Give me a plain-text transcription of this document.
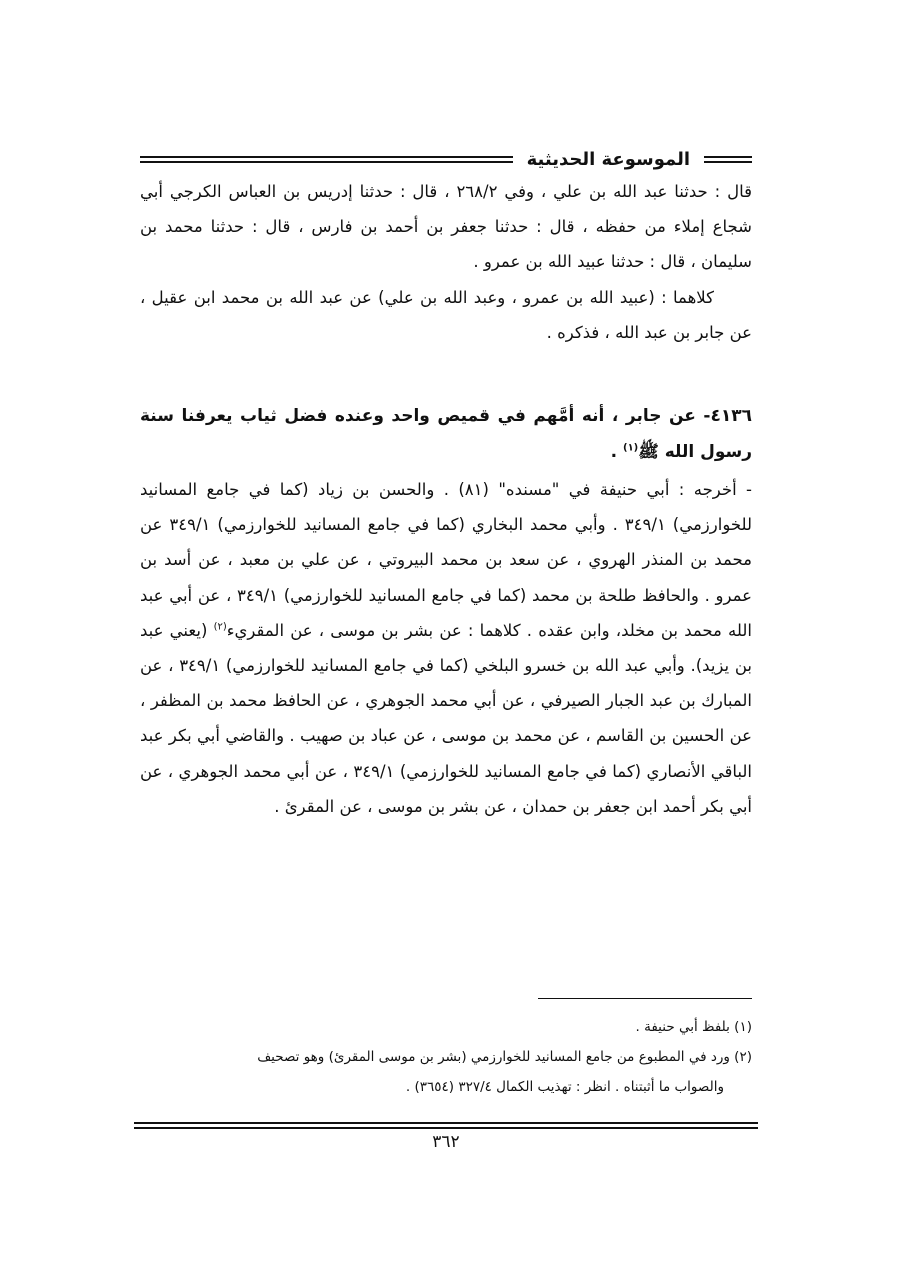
الموسوعة الحديثية

قال : حدثنا عبد الله بن علي ، وفي ٢٦٨/٢ ، قال : حدثنا إدريس بن العباس الكرجي أبي شجاع إملاء من حفظه ، قال : حدثنا جعفر بن أحمد بن فارس ، قال : حدثنا محمد بن سليمان ، قال : حدثنا عبيد الله بن عمرو .

كلاهما : (عبيد الله بن عمرو ، وعبد الله بن علي) عن عبد الله بن محمد ابن عقيل ، عن جابر بن عبد الله ، فذكره .

٤١٣٦- عن جابر ، أنه أمَّهم في قميص واحد وعنده فضل ثياب يعرفنا سنة رسول الله ﷺ$^{(١)}$ .

- أخرجه : أبي حنيفة في "مسنده" (٨١) . والحسن بن زياد (كما في جامع المسانيد للخوارزمي) ٣٤٩/١ . وأبي محمد البخاري (كما في جامع المسانيد للخوارزمي) ٣٤٩/١ عن محمد بن المنذر الهروي ، عن سعد بن محمد البيروتي ، عن علي بن معبد ، عن أسد بن عمرو . والحافظ طلحة بن محمد (كما في جامع المسانيد للخوارزمي) ٣٤٩/١ ، عن أبي عبد الله محمد بن مخلد، وابن عقده . كلاهما : عن بشر بن موسى ، عن المقريء$^{(٢)}$ (يعني عبد بن يزيد). وأبي عبد الله بن خسرو البلخي (كما في جامع المسانيد للخوارزمي) ٣٤٩/١ ، عن المبارك بن عبد الجبار الصيرفي ، عن أبي محمد الجوهري ، عن الحافظ محمد بن المظفر ، عن الحسين بن القاسم ، عن محمد بن موسى ، عن عباد بن صهيب . والقاضي أبي بكر عبد الباقي الأنصاري (كما في جامع المسانيد للخوارزمي) ٣٤٩/١ ، عن أبي محمد الجوهري ، عن أبي بكر أحمد ابن جعفر بن حمدان ، عن بشر بن موسى ، عن المقرئ .

(١) بلفظ أبي حنيفة .

(٢) ورد في المطبوع من جامع المسانيد للخوارزمي (بشر بن موسى المقرئ) وهو تصحيف

والصواب ما أثبتناه . انظر : تهذيب الكمال ٣٢٧/٤ (٣٦٥٤) .

٣٦٢
